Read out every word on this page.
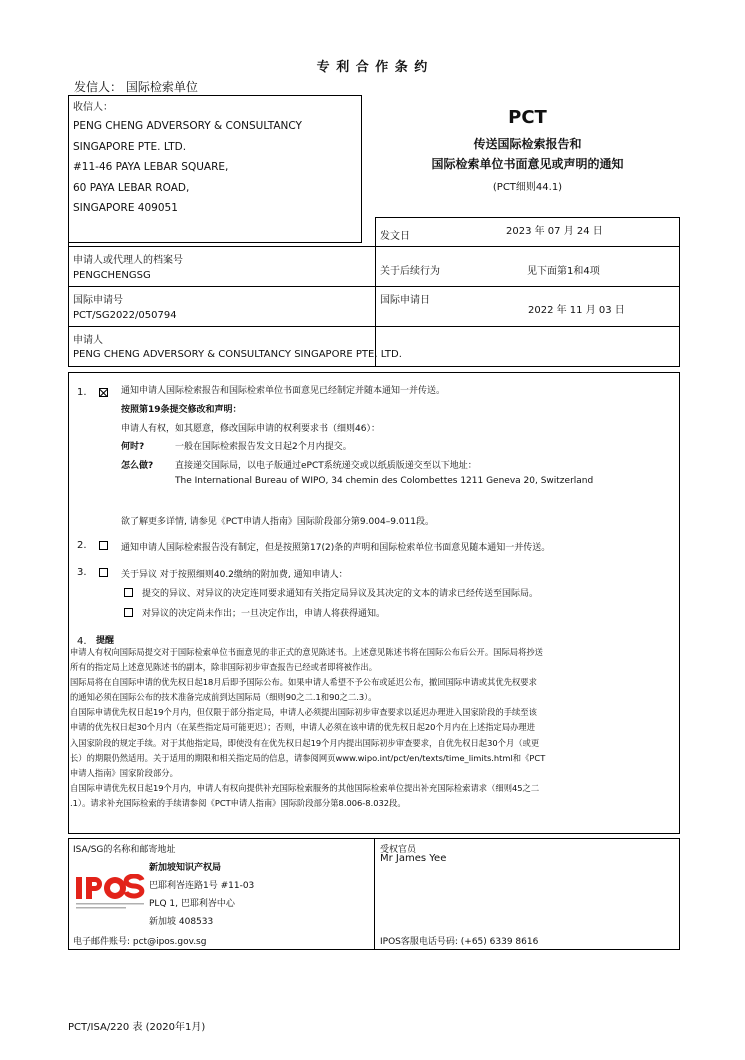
专 利 合 作 条 约
发信人： 国际检索单位
收信人：
PENG CHENG ADVERSORY & CONSULTANCY
SINGAPORE PTE. LTD.
#11-46 PAYA LEBAR SQUARE,
60 PAYA LEBAR ROAD,
SINGAPORE 409051
PCT
传送国际检索报告和
国际检索单位书面意见或声明的通知
(PCT细则44.1)
发文日	2023 年 07 月 24 日
申请人或代理人的档案号
PENGCHENGSG	关于后续行为	见下面第1和4项
国际申请号
PCT/SG2022/050794
国际申请日
2022 年 11 月 03 日
申请人
PENG CHENG ADVERSORY & CONSULTANCY SINGAPORE PTE. LTD.
1.	通知申请人国际检索报告和国际检索单位书面意见已经制定并随本通知一并传送。
按照第19条提交修改和声明：
申请人有权，如其愿意，修改国际申请的权利要求书（细则46）：
何时?	一般在国际检索报告发文日起2个月内提交。
怎么做? 直接递交国际局，以电子版通过ePCT系统递交或以纸质版递交至以下地址：
The International Bureau of WIPO, 34 chemin des Colombettes 1211 Geneva 20, Switzerland
欲了解更多详情, 请参见《PCT申请人指南》国际阶段部分第9.004–9.011段。
2.	通知申请人国际检索报告没有制定，但是按照第17(2)条的声明和国际检索单位书面意见随本通知一并传送。
3.	关于异议 对于按照细则40.2缴纳的附加费, 通知申请人：
提交的异议、对异议的决定连同要求通知有关指定局异议及其决定的文本的请求已经传送至国际局。
对异议的决定尚未作出；一旦决定作出，申请人将获得通知。
4. 提醒
申请人有权向国际局提交对于国际检索单位书面意见的非正式的意见陈述书。上述意见陈述书将在国际公布后公开。国际局将抄送
所有的指定局上述意见陈述书的副本，除非国际初步审查报告已经或者即将被作出。
国际局将在自国际申请的优先权日起18月后即予国际公布。如果申请人希望不予公布或延迟公布，撤回国际申请或其优先权要求
的通知必须在国际公布的技术准备完成前到达国际局（细则90之二.1和90之二.3）。
自国际申请优先权日起19个月内，但仅限于部分指定局，申请人必须提出国际初步审查要求以延迟办理进入国家阶段的手续至该
申请的优先权日起30个月内（在某些指定局可能更迟）；否则，申请人必须在该申请的优先权日起20个月内在上述指定局办理进
入国家阶段的规定手续。对于其他指定局，即使没有在优先权日起19个月内提出国际初步审查要求，自优先权日起30个月（或更
长）的期限仍然适用。关于适用的期限和相关指定局的信息，请参阅网页www.wipo.int/pct/en/texts/time_limits.html和《PCT
申请人指南》国家阶段部分。
自国际申请优先权日起19个月内，申请人有权向提供补充国际检索服务的其他国际检索单位提出补充国际检索请求（细则45之二
.1）。请求补充国际检索的手续请参阅《PCT申请人指南》国际阶段部分第8.006-8.032段。
ISA/SG的名称和邮寄地址
新加坡知识产权局
巴耶利峇连路1号 #11-03
PLQ 1, 巴耶利峇中心
新加坡 408533
电子邮件账号: pct@ipos.gov.sg
受权官员
Mr James Yee
IPOS客服电话号码: (+65) 6339 8616
PCT/ISA/220 表 (2020年1月)
